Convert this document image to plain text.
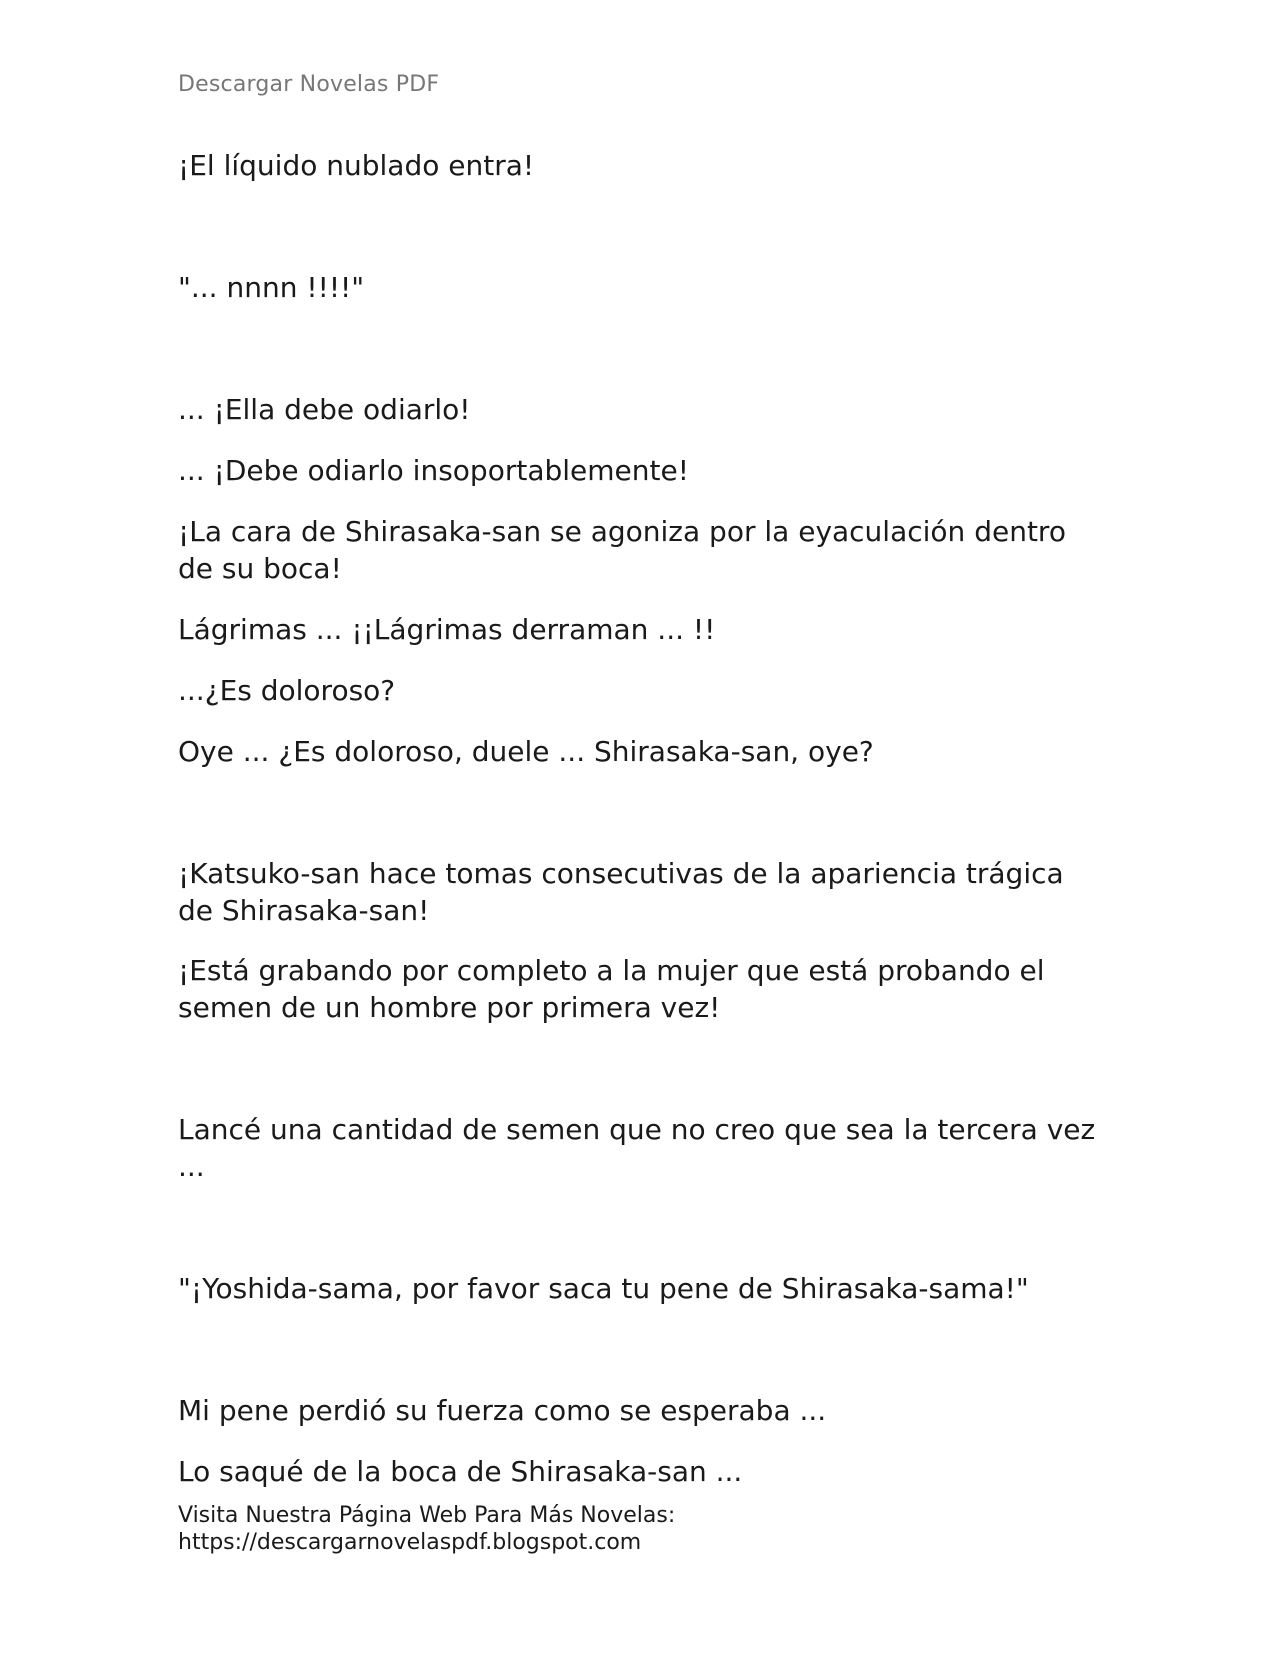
Descargar Novelas PDF

¡El líquido nublado entra!

"... nnnn !!!!"

... ¡Ella debe odiarlo!

... ¡Debe odiarlo insoportablemente!

¡La cara de Shirasaka-san se agoniza por la eyaculación dentro de su boca!

Lágrimas ... ¡¡Lágrimas derraman ... !!

...¿Es doloroso?

Oye ... ¿Es doloroso, duele ... Shirasaka-san, oye?

¡Katsuko-san hace tomas consecutivas de la apariencia trágica de Shirasaka-san!

¡Está grabando por completo a la mujer que está probando el semen de un hombre por primera vez!

Lancé una cantidad de semen que no creo que sea la tercera vez ...

"¡Yoshida-sama, por favor saca tu pene de Shirasaka-sama!"

Mi pene perdió su fuerza como se esperaba ...

Lo saqué de la boca de Shirasaka-san ...

Visita Nuestra Página Web Para Más Novelas:
https://descargarnovelaspdf.blogspot.com
